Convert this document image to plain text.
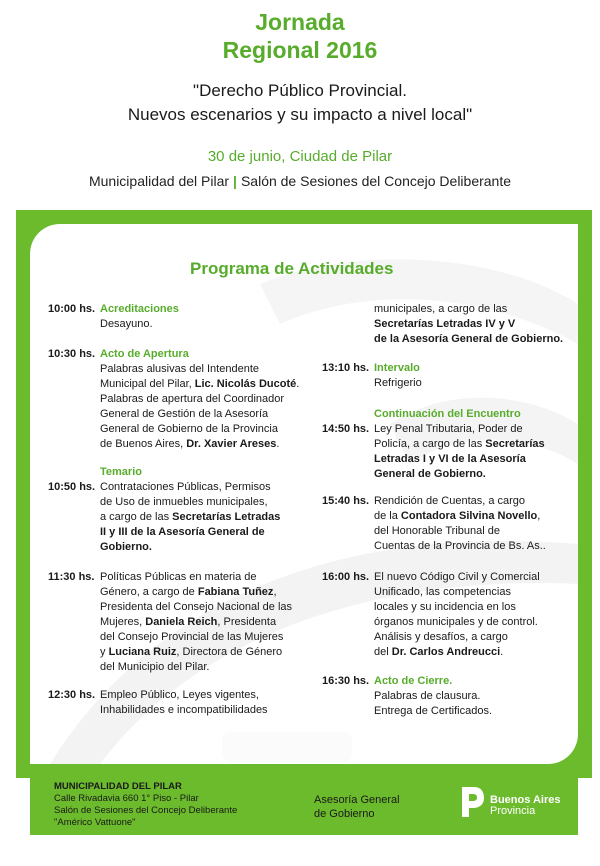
Jornada
Regional 2016
"Derecho Público Provincial.
Nuevos escenarios y su impacto a nivel local"
30 de junio, Ciudad de Pilar
Municipalidad del Pilar | Salón de Sesiones del Concejo Deliberante
Programa de Actividades
10:00 hs. Acreditaciones
Desayuno.
10:30 hs. Acto de Apertura
Palabras alusivas del Intendente
Municipal del Pilar, Lic. Nicolás Ducoté.
Palabras de apertura del Coordinador
General de Gestión de la Asesoría
General de Gobierno de la Provincia
de Buenos Aires, Dr. Xavier Areses.
Temario
10:50 hs. Contrataciones Públicas, Permisos
de Uso de inmuebles municipales,
a cargo de las Secretarías Letradas
II y III de la Asesoría General de
Gobierno.
11:30 hs. Políticas Públicas en materia de
Género, a cargo de Fabiana Tuñez,
Presidenta del Consejo Nacional de las
Mujeres, Daniela Reich, Presidenta
del Consejo Provincial de las Mujeres
y Luciana Ruiz, Directora de Género
del Municipio del Pilar.
12:30 hs. Empleo Público, Leyes vigentes,
Inhabilidades e incompatibilidades
municipales, a cargo de las
Secretarías Letradas IV y V
de la Asesoría General de Gobierno.
13:10 hs. Intervalo
Refrigerio
Continuación del Encuentro
14:50 hs. Ley Penal Tributaria, Poder de
Policía, a cargo de las Secretarías
Letradas I y VI de la Asesoría
General de Gobierno.
15:40 hs. Rendición de Cuentas, a cargo
de la Contadora Silvina Novello,
del Honorable Tribunal de
Cuentas de la Provincia de Bs. As..
16:00 hs. El nuevo Código Civil y Comercial
Unificado, las competencias
locales y su incidencia en los
órganos municipales y de control.
Análisis y desafíos, a cargo
del Dr. Carlos Andreucci.
16:30 hs. Acto de Cierre.
Palabras de clausura.
Entrega de Certificados.
MUNICIPALIDAD DEL PILAR
Calle Rivadavia 660 1° Piso - Pilar
Salón de Sesiones del Concejo Deliberante
"Américo Vattuone"
Asesoría General
de Gobierno
Buenos Aires
Provincia
